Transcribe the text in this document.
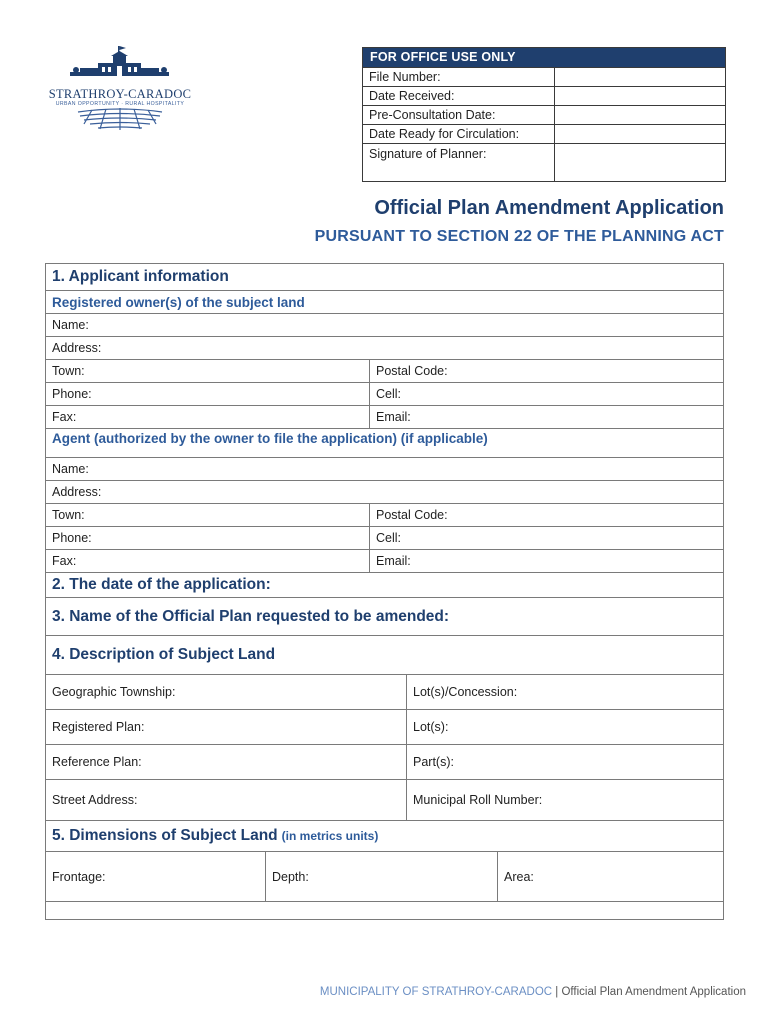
STRATHROY-CARADOC
URBAN OPPORTUNITY · RURAL HOSPITALITY
FOR OFFICE USE ONLY
File Number:
Date Received:
Pre-Consultation Date:
Date Ready for Circulation:
Signature of Planner:
Official Plan Amendment Application
PURSUANT TO SECTION 22 OF THE PLANNING ACT
1. Applicant information
Registered owner(s) of the subject land
Name:
Address:
Town:	Postal Code:
Phone:	Cell:
Fax:	Email:
Agent (authorized by the owner to file the application) (if applicable)
Name:
Address:
Town:	Postal Code:
Phone:	Cell:
Fax:	Email:
2. The date of the application:
3. Name of the Official Plan requested to be amended:
4. Description of Subject Land
Geographic Township:	Lot(s)/Concession:
Registered Plan:	Lot(s):
Reference Plan:	Part(s):
Street Address:	Municipal Roll Number:
5. Dimensions of Subject Land (in metrics units)
Frontage:	Depth:	Area:
MUNICIPALITY OF STRATHROY-CARADOC | Official Plan Amendment Application
